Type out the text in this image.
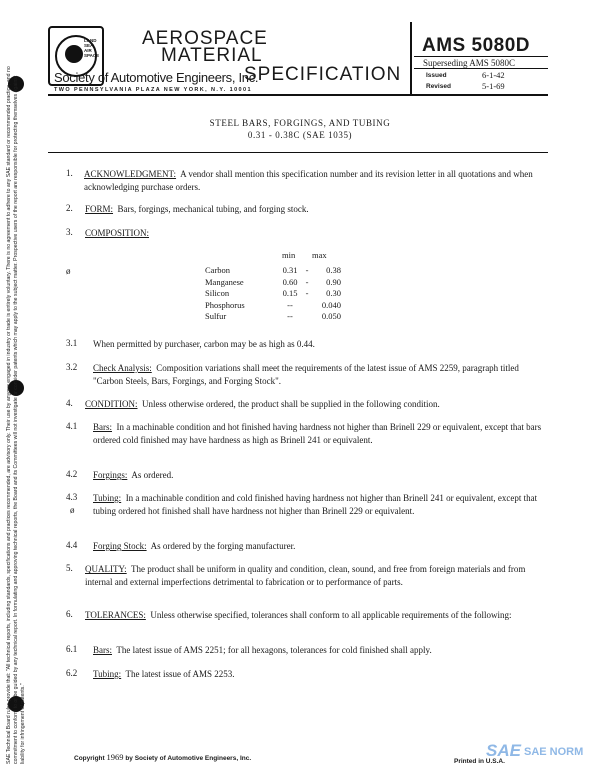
SAE Technical Board rules provide that: "All technical reports, including standards, specifications and practices recommended, are advisory only. Their use by anyone engaged in industry or trade is entirely voluntary. There is no agreement to adhere to any SAE standard or recommended practice, and no commitment to conform to or be guided by any technical report. In formulating and approving technical reports, the Board and its Committees will not investigate or consider patents which may apply to the subject matter. Prospective users of the report are responsible for protecting themselves against liability for infringement of patents."
LAND
SEA
AIR
SPACE
AEROSPACE
MATERIAL
SPECIFICATION
Society of Automotive Engineers, Inc.
TWO PENNSYLVANIA PLAZA NEW YORK, N.Y. 10001
AMS 5080D
Superseding AMS 5080C
Issued	6-1-42
Revised	5-1-69
STEEL BARS, FORGINGS, AND TUBING
0.31 - 0.38C (SAE 1035)
1. ACKNOWLEDGMENT: A vendor shall mention this specification number and its revision letter in all quotations and when acknowledging purchase orders.
2. FORM: Bars, forgings, mechanical tubing, and forging stock.
3. COMPOSITION:
ø
min max
Carbon	0.31 - 0.38
Manganese	0.60 - 0.90
Silicon	0.15 - 0.30
Phosphorus	--	0.040
Sulfur	--	0.050
3.1 When permitted by purchaser, carbon may be as high as 0.44.
3.2 Check Analysis: Composition variations shall meet the requirements of the latest issue of AMS 2259, paragraph titled "Carbon Steels, Bars, Forgings, and Forging Stock".
4. CONDITION: Unless otherwise ordered, the product shall be supplied in the following condition.
4.1 Bars: In a machinable condition and hot finished having hardness not higher than Brinell 229 or equivalent, except that bars ordered cold finished may have hardness as high as Brinell 241 or equivalent.
4.2 Forgings: As ordered.
4.3
ø
Tubing: In a machinable condition and cold finished having hardness not higher than Brinell 241 or equivalent, except that tubing ordered hot finished shall have hardness not higher than Brinell 229 or equivalent.
4.4 Forging Stock: As ordered by the forging manufacturer.
5. QUALITY: The product shall be uniform in quality and condition, clean, sound, and free from foreign materials and from internal and external imperfections detrimental to fabrication or to performance of parts.
6. TOLERANCES: Unless otherwise specified, tolerances shall conform to all applicable requirements of the following:
6.1 Bars: The latest issue of AMS 2251; for all hexagons, tolerances for cold finished shall apply.
6.2 Tubing: The latest issue of AMS 2253.
Copyright 1969 by Society of Automotive Engineers, Inc.	Printed in U.S.A.
SAE SAE NORM
